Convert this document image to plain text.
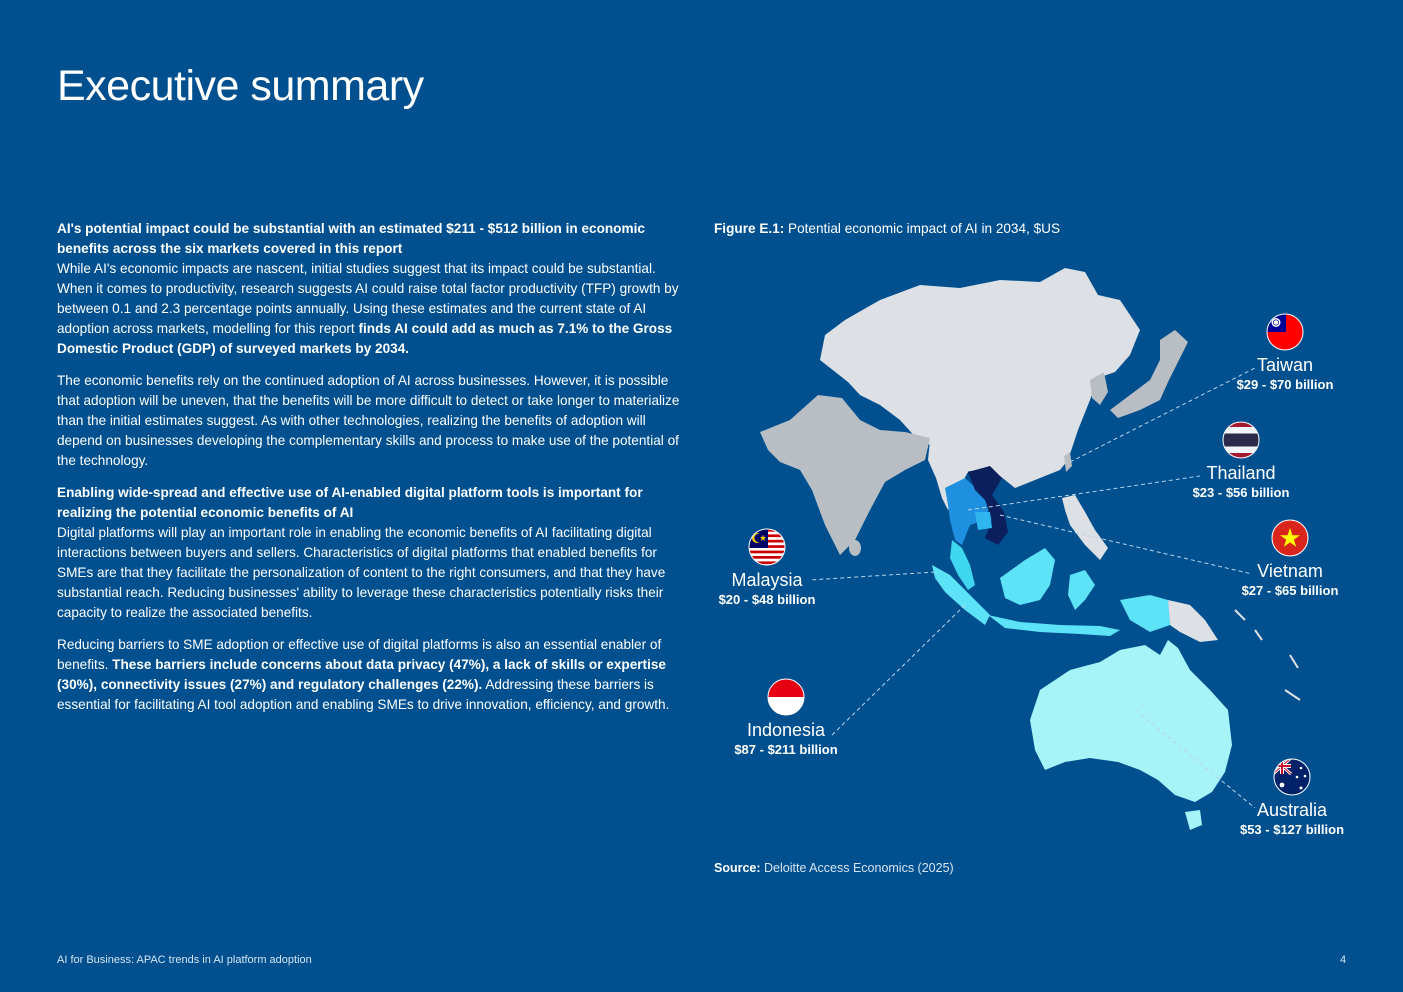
Executive summary

AI's potential impact could be substantial with an estimated $211 - $512 billion in economic benefits across the six markets covered in this report
While AI's economic impacts are nascent, initial studies suggest that its impact could be substantial. When it comes to productivity, research suggests AI could raise total factor productivity (TFP) growth by between 0.1 and 2.3 percentage points annually. Using these estimates and the current state of AI adoption across markets, modelling for this report finds AI could add as much as 7.1% to the Gross Domestic Product (GDP) of surveyed markets by 2034.

The economic benefits rely on the continued adoption of AI across businesses. However, it is possible that adoption will be uneven, that the benefits will be more difficult to detect or take longer to materialize than the initial estimates suggest. As with other technologies, realizing the benefits of adoption will depend on businesses developing the complementary skills and process to make use of the potential of the technology.

Enabling wide-spread and effective use of AI-enabled digital platform tools is important for realizing the potential economic benefits of AI
Digital platforms will play an important role in enabling the economic benefits of AI facilitating digital interactions between buyers and sellers. Characteristics of digital platforms that enabled benefits for SMEs are that they facilitate the personalization of content to the right consumers, and that they have substantial reach. Reducing businesses' ability to leverage these characteristics potentially risks their capacity to realize the associated benefits.

Reducing barriers to SME adoption or effective use of digital platforms is also an essential enabler of benefits. These barriers include concerns about data privacy (47%), a lack of skills or expertise (30%), connectivity issues (27%) and regulatory challenges (22%). Addressing these barriers is essential for facilitating AI tool adoption and enabling SMEs to drive innovation, efficiency, and growth.

Figure E.1: Potential economic impact of AI in 2034, $US
Taiwan
$29 - $70 billion
Thailand
$23 - $56 billion
Vietnam
$27 - $65 billion
Malaysia
$20 - $48 billion
Indonesia
$87 - $211 billion
Australia
$53 - $127 billion
Source: Deloitte Access Economics (2025)
AI for Business: APAC trends in AI platform adoption	4
